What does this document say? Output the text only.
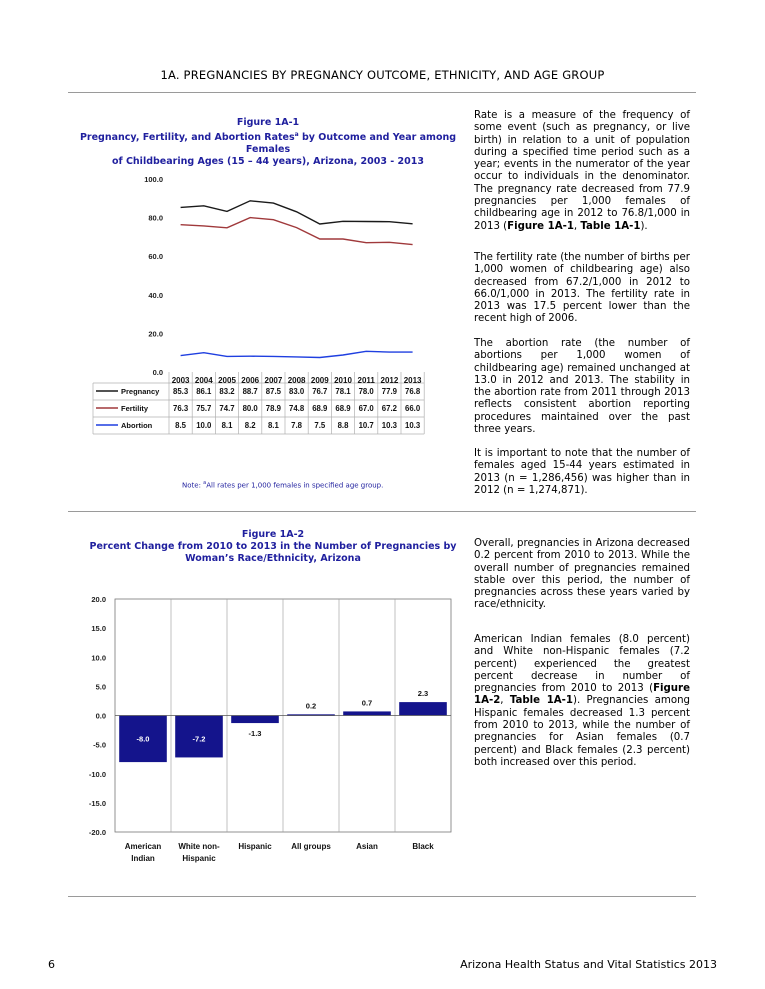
1A. PREGNANCIES BY PREGNANCY OUTCOME, ETHNICITY, AND AGE GROUP
Figure 1A-1
Pregnancy, Fertility, and Abortion Rates$^a$ by Outcome and Year among Females
of Childbearing Ages (15 – 44 years), Arizona, 2003 - 2013
Figure 1A-2
Percent Change from 2010 to 2013 in the Number of Pregnancies by
Woman’s Race/Ethnicity, Arizona
0.0
20.0
40.0
60.0
80.0
100.0
2003 2004 2005 2006 2007 2008 2009 2010 2011 2012 2013
Pregnancy 85.3 86.1 83.2 88.7 87.5 83.0 76.7 78.1 78.0 77.9 76.8
Fertility	76.3 75.7 74.7 80.0 78.9 74.8 68.9 68.9 67.0 67.2 66.0
Abortion	8.5 10.0 8.1 8.2 8.1 7.8 7.5 8.8 10.7 10.3 10.3
20.0
15.0
10.0
5.0
0.0
-5.0
-10.0
-15.0
-20.0
-8.0	-7.2
-1.3
0.2	0.7
2.3
American Indian
White non-Hispanic
Hispanic All groups	Asian	Black
Note: $^a$All rates per 1,000 females in specified age group.

Rate is a measure of the frequency of some event (such as pregnancy, or live birth) in relation to a unit of population during a specified time period such as a year; events in the numerator of the year occur to individuals in the denominator. The pregnancy rate decreased from 77.9 pregnancies per 1,000 females of childbearing age in 2012 to 76.8/1,000 in 2013 (Figure 1A-1, Table 1A-1).

The fertility rate (the number of births per 1,000 women of childbearing age) also decreased from 67.2/1,000 in 2012 to 66.0/1,000 in 2013. The fertility rate in 2013 was 17.5 percent lower than the recent high of 2006.

The abortion rate (the number of abortions per 1,000 women of childbearing age) remained unchanged at 13.0 in 2012 and 2013. The stability in the abortion rate from 2011 through 2013 reflects consistent abortion reporting procedures maintained over the past three years.

It is important to note that the number of females aged 15-44 years estimated in 2013 (n = 1,286,456) was higher than in 2012 (n = 1,274,871).

Overall, pregnancies in Arizona decreased 0.2 percent from 2010 to 2013. While the overall number of pregnancies remained stable over this period, the number of pregnancies across these years varied by race/ethnicity.

American Indian females (8.0 percent) and White non-Hispanic females (7.2 percent) experienced the greatest percent decrease in number of pregnancies from 2010 to 2013 (Figure 1A-2, Table 1A-1). Pregnancies among Hispanic females decreased 1.3 percent from 2010 to 2013, while the number of pregnancies for Asian females (0.7 percent) and Black females (2.3 percent) both increased over this period.

6	Arizona Health Status and Vital Statistics 2013
